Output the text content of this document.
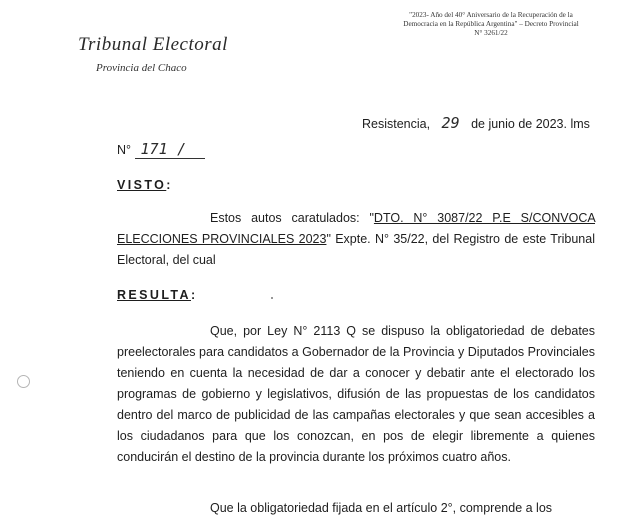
Tribunal Electoral
Provincia del Chaco
"2023- Año del 40° Aniversario de la Recuperación de la
Democracia en la República Argentina" – Decreto Provincial
N° 3261/22
Resistencia, 29 de junio de 2023. lms
N° 171 /
VISTO:
Estos autos caratulados: "DTO. N° 3087/22 P.E S/CONVOCA ELECCIONES PROVINCIALES 2023" Expte. N° 35/22, del Registro de este Tribunal Electoral, del cual
RESULTA:
Que, por Ley N° 2113 Q se dispuso la obligatoriedad de debates preelectorales para candidatos a Gobernador de la Provincia y Diputados Provinciales teniendo en cuenta la necesidad de dar a conocer y debatir ante el electorado los programas de gobierno y legislativos, difusión de las propuestas de los candidatos dentro del marco de publicidad de las campañas electorales y que sean accesibles a los ciudadanos para que los conozcan, en pos de elegir libremente a quienes conducirán el destino de la provincia durante los próximos cuatro años.
Que la obligatoriedad fijada en el artículo 2°, comprende a los
